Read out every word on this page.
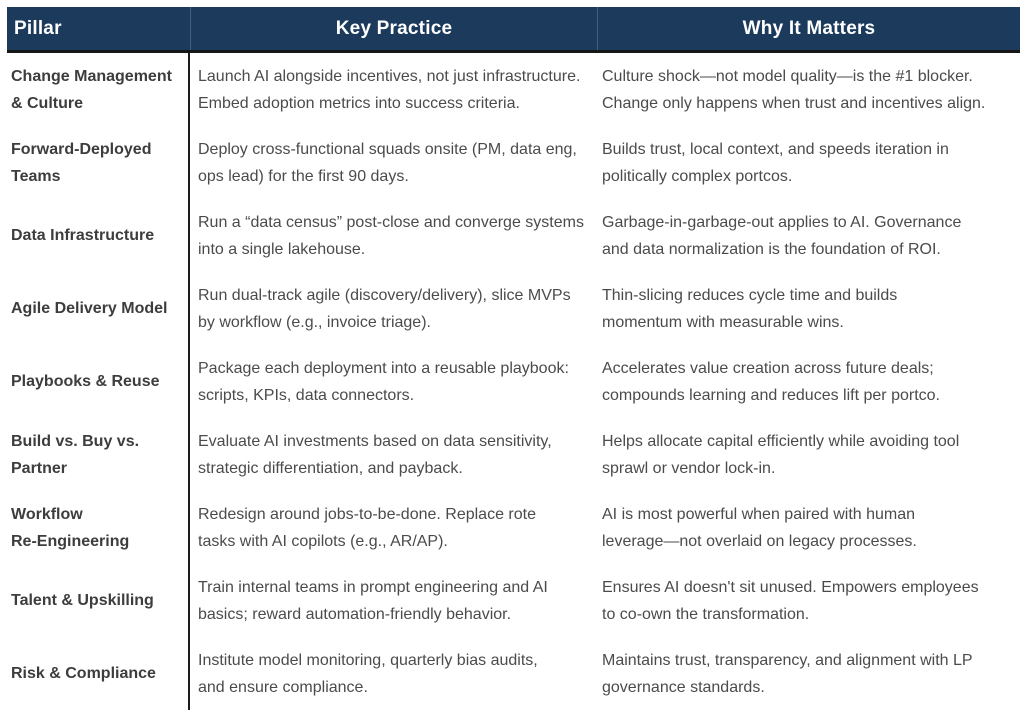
Pillar	Key Practice	Why It Matters
Change Management
& Culture
Launch AI alongside incentives, not just infrastructure.
Embed adoption metrics into success criteria.
Culture shock—not model quality—is the #1 blocker.
Change only happens when trust and incentives align.
Forward-Deployed
Teams
Deploy cross-functional squads onsite (PM, data eng,
ops lead) for the first 90 days.
Builds trust, local context, and speeds iteration in
politically complex portcos.
Data Infrastructure
Run a “data census” post-close and converge systems
into a single lakehouse.
Garbage-in-garbage-out applies to AI. Governance
and data normalization is the foundation of ROI.
Agile Delivery Model
Run dual-track agile (discovery/delivery), slice MVPs
by workflow (e.g., invoice triage).
Thin-slicing reduces cycle time and builds
momentum with measurable wins.
Playbooks & Reuse
Package each deployment into a reusable playbook:
scripts, KPIs, data connectors.
Accelerates value creation across future deals;
compounds learning and reduces lift per portco.
Build vs. Buy vs.
Partner
Evaluate AI investments based on data sensitivity,
strategic differentiation, and payback.
Helps allocate capital efficiently while avoiding tool
sprawl or vendor lock-in.
Workflow
Re-Engineering
Redesign around jobs-to-be-done. Replace rote
tasks with AI copilots (e.g., AR/AP).
AI is most powerful when paired with human
leverage—not overlaid on legacy processes.
Talent & Upskilling
Train internal teams in prompt engineering and AI
basics; reward automation-friendly behavior.
Ensures AI doesn't sit unused. Empowers employees
to co-own the transformation.
Risk & Compliance
Institute model monitoring, quarterly bias audits,
and ensure compliance.
Maintains trust, transparency, and alignment with LP
governance standards.
